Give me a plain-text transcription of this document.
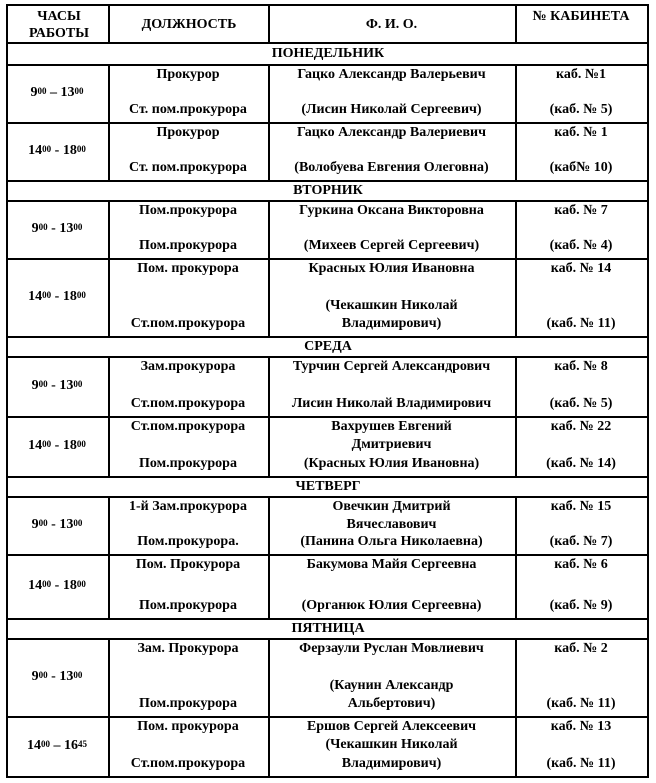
ЧАСЫ РАБОТЫ
ДОЛЖНОСТЬ	Ф. И. О.
№ КАБИНЕТА
ПОНЕДЕЛЬНИК
$9^{00} - 13^{00}$
Прокурор
Ст. пом.прокурора
Гацко Александр Валерьевич
(Лисин Николай Сергеевич)
каб. №1
(каб. № 5)
$14^{00} - 18^{00}$
Прокурор
Ст. пом.прокурора
Гацко Александр Валериевич
(Волобуева Евгения Олеговна)
каб. № 1
(каб№ 10)
ВТОРНИК
$9^{00} - 13^{00}$
Пом.прокурора
Пом.прокурора
Гуркина Оксана Викторовна
(Михеев Сергей Сергеевич)
каб. № 7
(каб. № 4)
$14^{00} - 18^{00}$
Пом. прокурора
Ст.пом.прокурора
Красных Юлия Ивановна
(Чекашкин Николай
Владимирович)
каб. № 14
(каб. № 11)
СРЕДА
$9^{00} - 13^{00}$
Зам.прокурора
Ст.пом.прокурора
Турчин Сергей Александрович
Лисин Николай Владимирович
каб. № 8
(каб. № 5)
$14^{00} - 18^{00}$
Ст.пом.прокурора
Пом.прокурора
Вахрушев Евгений
Дмитриевич
(Красных Юлия Ивановна)
каб. № 22
(каб. № 14)
ЧЕТВЕРГ
$9^{00} - 13^{00}$
1-й Зам.прокурора
Пом.прокурора.
Овечкин Дмитрий
Вячеславович
(Панина Ольга Николаевна)
каб. № 15
(каб. № 7)
$14^{00} - 18^{00}$
Пом. Прокурора
Пом.прокурора
Бакумова Майя Сергеевна
(Органюк Юлия Сергеевна)
каб. № 6
(каб. № 9)
ПЯТНИЦА
$9^{00} - 13^{00}$
Зам. Прокурора
Пом.прокурора
Ферзаули Руслан Мовлиевич
(Каунин Александр
Альбертович)
каб. № 2
(каб. № 11)
$14^{00} - 16^{45}$
Пом. прокурора
Ст.пом.прокурора
Ершов Сергей Алексеевич
(Чекашкин Николай
Владимирович)
каб. № 13
(каб. № 11)
